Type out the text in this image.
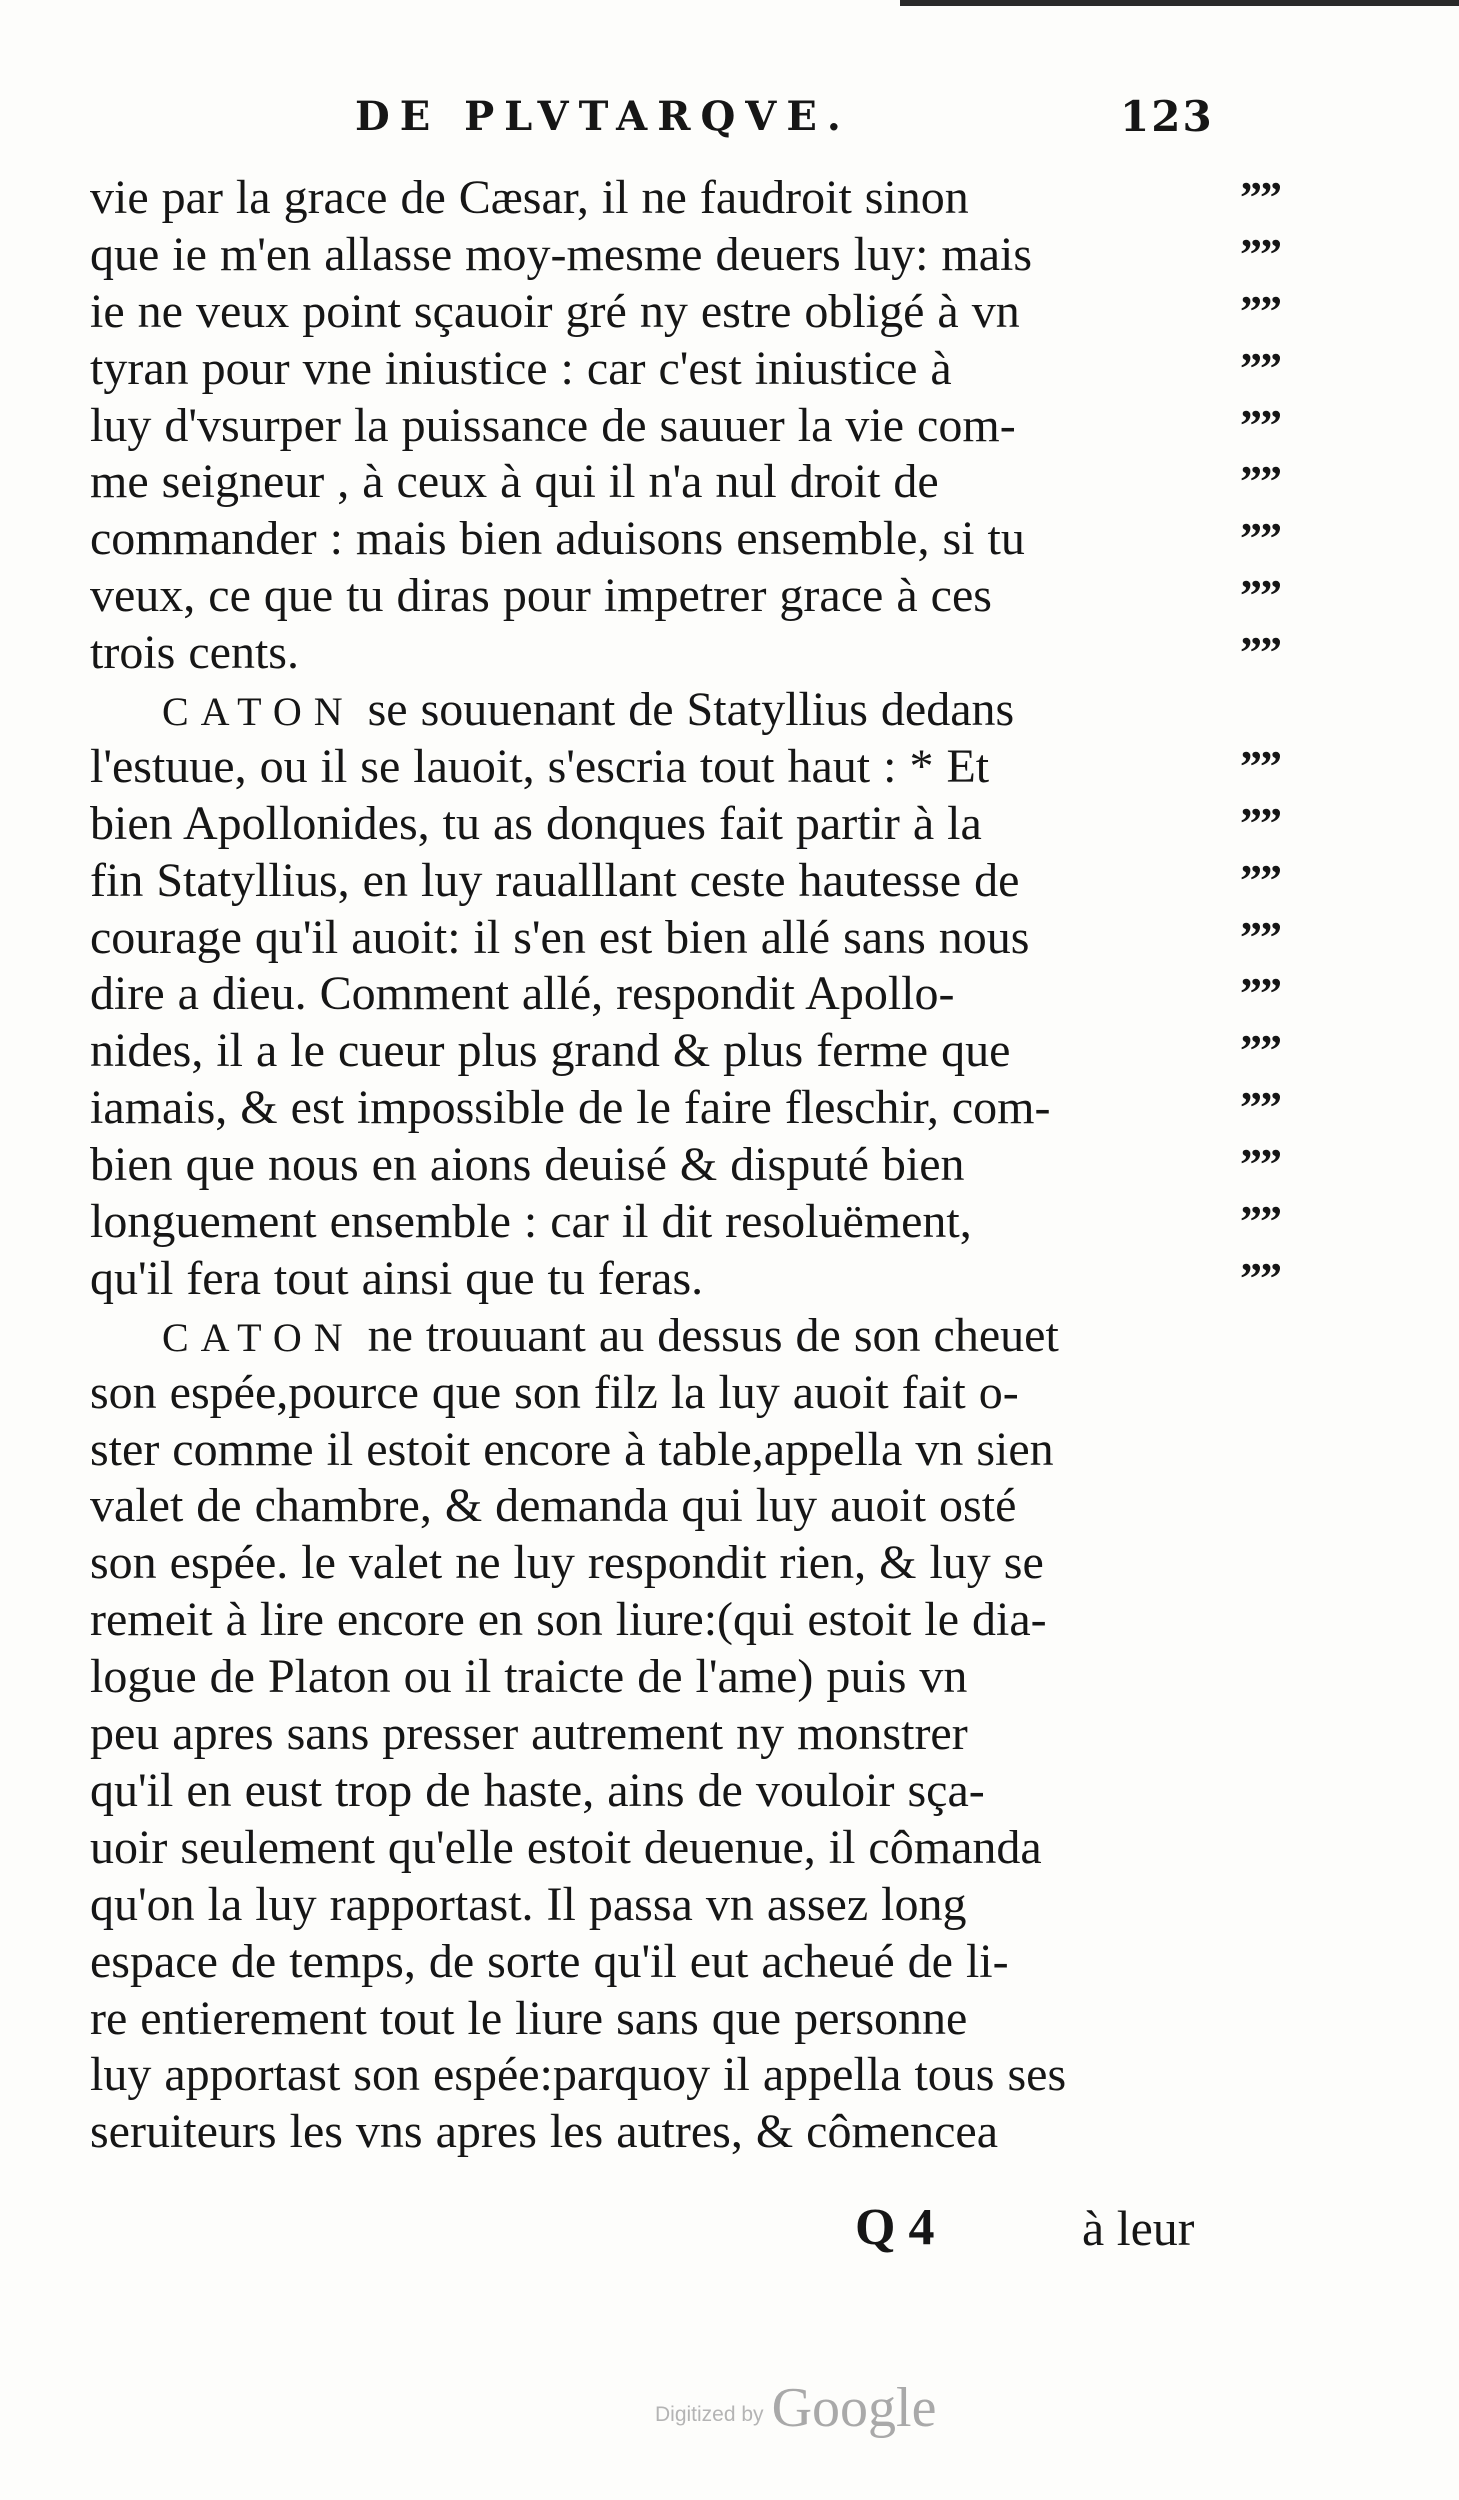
DE PLVTARQVE.	123
vie par la grace de Cæsar, il ne faudroit sinon
que ie m'en allasse moy-mesme deuers luy: mais
ie ne veux point sçauoir gré ny estre obligé à vn
tyran pour vne iniustice : car c'est iniustice à
luy d'vsurper la puissance de sauuer la vie com-
me seigneur , à ceux à qui il n'a nul droit de
commander : mais bien aduisons ensemble, si tu
veux, ce que tu diras pour impetrer grace à ces
trois cents.
CATON se souuenant de Statyllius dedans
l'estuue, ou il se lauoit, s'escria tout haut : * Et
bien Apollonides, tu as donques fait partir à la
fin Statyllius, en luy raualllant ceste hautesse de
courage qu'il auoit: il s'en est bien allé sans nous
dire a dieu. Comment allé, respondit Apollo-
nides, il a le cueur plus grand & plus ferme que
iamais, & est impossible de le faire fleschir, com-
bien que nous en aions deuisé & disputé bien
longuement ensemble : car il dit resoluëment,
qu'il fera tout ainsi que tu feras.
CATON ne trouuant au dessus de son cheuet
son espée,pource que son filz la luy auoit fait o-
ster comme il estoit encore à table,appella vn sien
valet de chambre, & demanda qui luy auoit osté
son espée. le valet ne luy respondit rien, & luy se
remeit à lire encore en son liure:(qui estoit le dia-
logue de Platon ou il traicte de l'ame) puis vn
peu apres sans presser autrement ny monstrer
qu'il en eust trop de haste, ains de vouloir sça-
uoir seulement qu'elle estoit deuenue, il cômanda
qu'on la luy rapportast. Il passa vn assez long
espace de temps, de sorte qu'il eut acheué de li-
re entierement tout le liure sans que personne
luy apportast son espée:parquoy il appella tous ses
seruiteurs les vns apres les autres, & cômencea
””
””
””
””
””
””
””
””
””
””
””
””
””
””
””
””
””
””
””
Q 4	à leur
Digitized by Google
